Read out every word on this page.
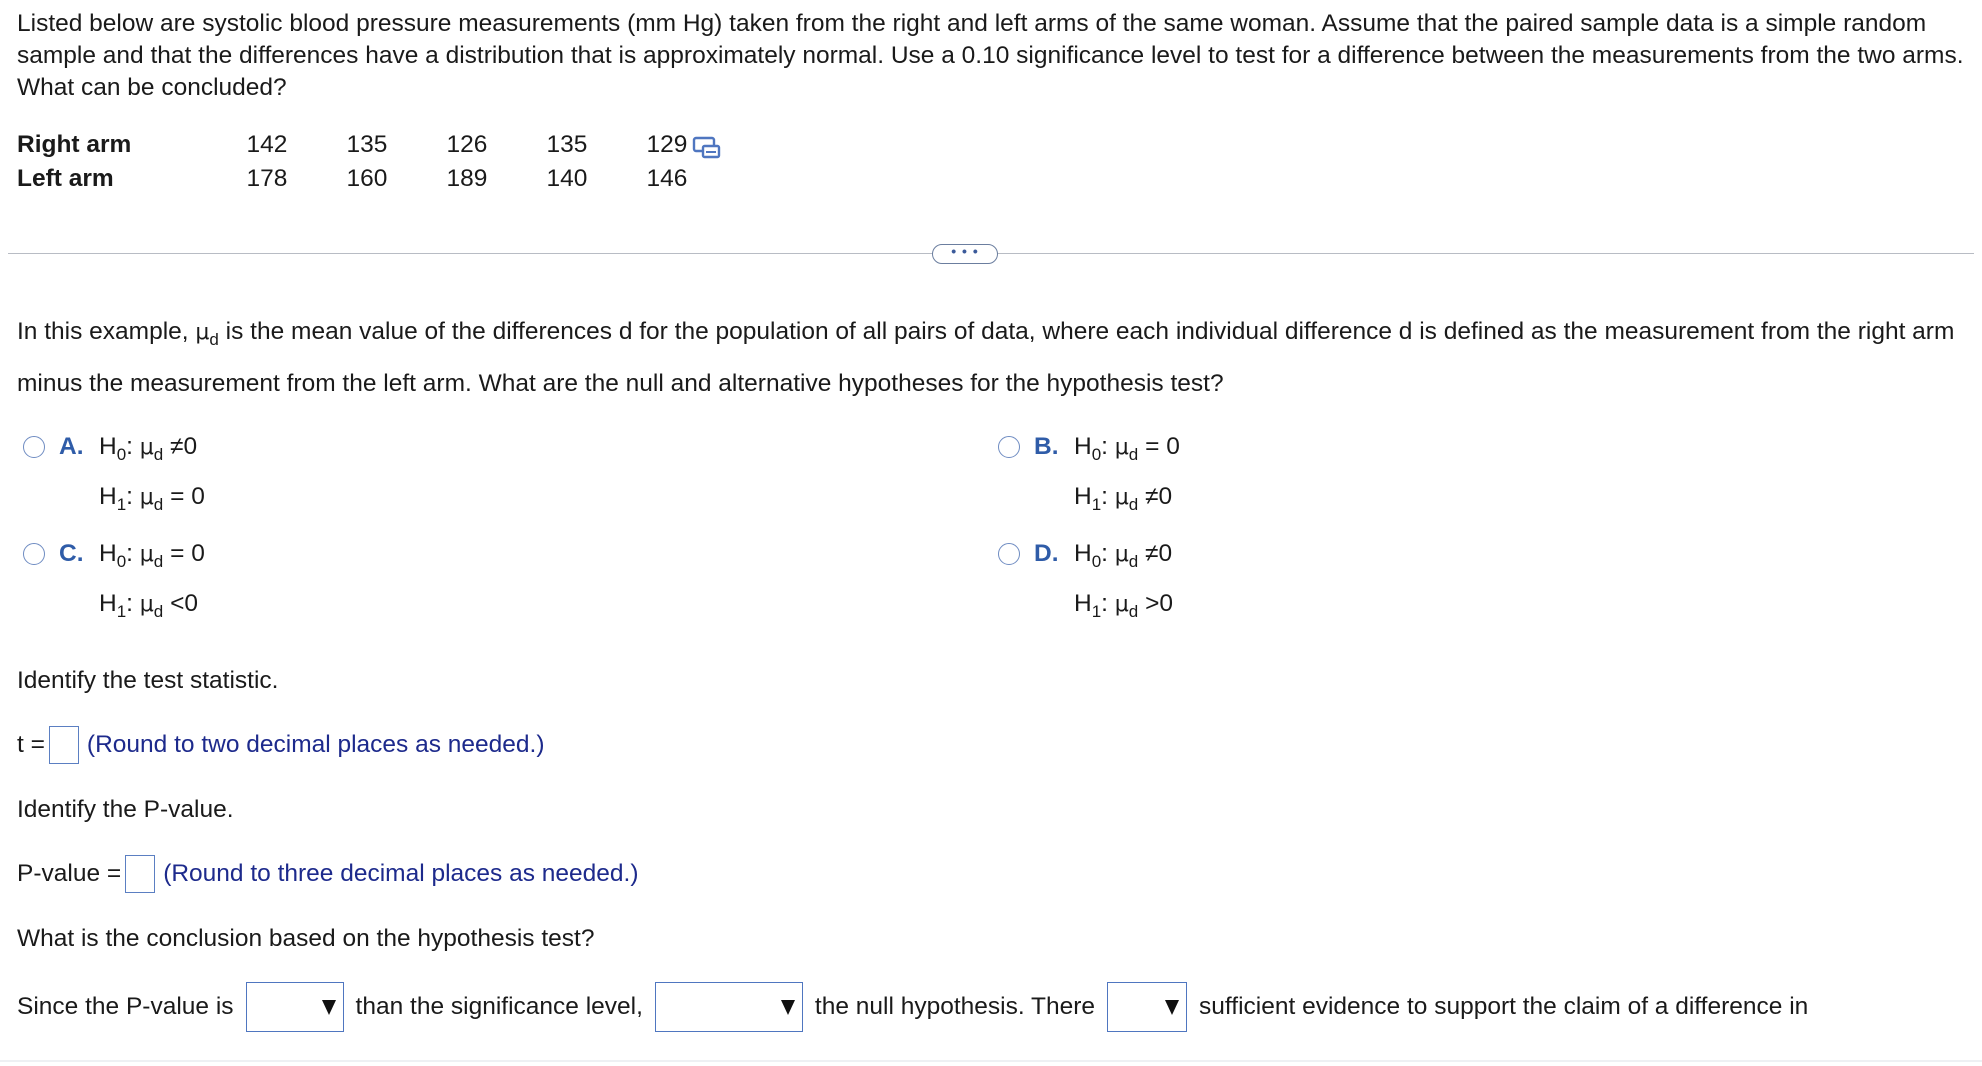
Listed below are systolic blood pressure measurements (mm Hg) taken from the right and left arms of the same woman. Assume that the paired sample data is a simple random sample and that the differences have a distribution that is approximately normal. Use a 0.10 significance level to test for a difference between the measurements from the two arms. What can be concluded?
Right arm	142	135	126	135	129
Left arm	178	160	189	140	146
• • •
In this example, $\mu_d$ is the mean value of the differences d for the population of all pairs of data, where each individual difference d is defined as the measurement from the right arm minus the measurement from the left arm. What are the null and alternative hypotheses for the hypothesis test?
A. $H_0$: $\mu_d \ne 0$
$H_1$: $\mu_d = 0$
B. $H_0$: $\mu_d = 0$
$H_1$: $\mu_d \ne 0$
C. $H_0$: $\mu_d = 0$
$H_1$: $\mu_d <0$
D. $H_0$: $\mu_d \ne 0$
$H_1$: $\mu_d >0$
Identify the test statistic.
t = (Round to two decimal places as needed.)
Identify the P-value.
P-value = (Round to three decimal places as needed.)
What is the conclusion based on the hypothesis test?
Since the P-value is	than the significance level,	the null hypothesis. There	sufficient evidence to support the claim of a difference in
